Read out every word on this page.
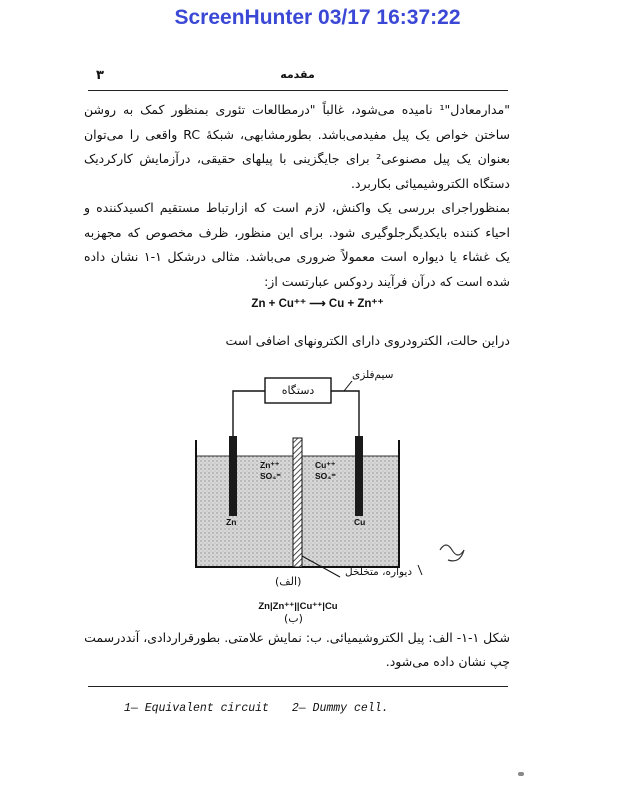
ScreenHunter 03/17 16:37:22
۳	مقدمه
"مدارمعادل"¹ نامیده می‌شود، غالباً "درمطالعات تئوری بمنظور کمک به روشن ساختن خواص یک پیل مفیدمی‌باشد. بطورمشابهی، شبکهٔ RC واقعی را می‌توان بعنوان یک پیل مصنوعی² برای جایگزینی با پیلهای حقیقی، درآزمایش کارکردیک دستگاه الکتروشیمیائی بکاربرد.
بمنظوراجرای بررسی یک واکنش، لازم است که ازارتباط مستقیم اکسیدکننده و احیاء کننده بایکدیگرجلوگیری شود. برای این منظور، ظرف مخصوص که مجهزبه یک غشاء یا دیواره است معمولاً ضروری می‌باشد. مثالی درشکل ۱-۱ نشان داده شده است که درآن فرآیند ردوکس عبارتست از:
Zn + Cu⁺⁺ ⟶ Cu + Zn⁺⁺
دراین حالت، الکترودروی دارای الکترونهای اضافی است
دستگاه
سیم‌فلزی
Zn⁺⁺
SO₄⁼
Cu⁺⁺
SO₄⁼
Zn	Cu
دیواره، متخلخل
(الف)
Zn|Zn⁺⁺||Cu⁺⁺|Cu
(ب)
شکل ۱-۱- الف: پیل الکتروشیمیائی. ب: نمایش علامتی. بطورقراردادی، آنددرسمت چپ نشان داده می‌شود.
1— Equivalent circuit 2— Dummy cell.
